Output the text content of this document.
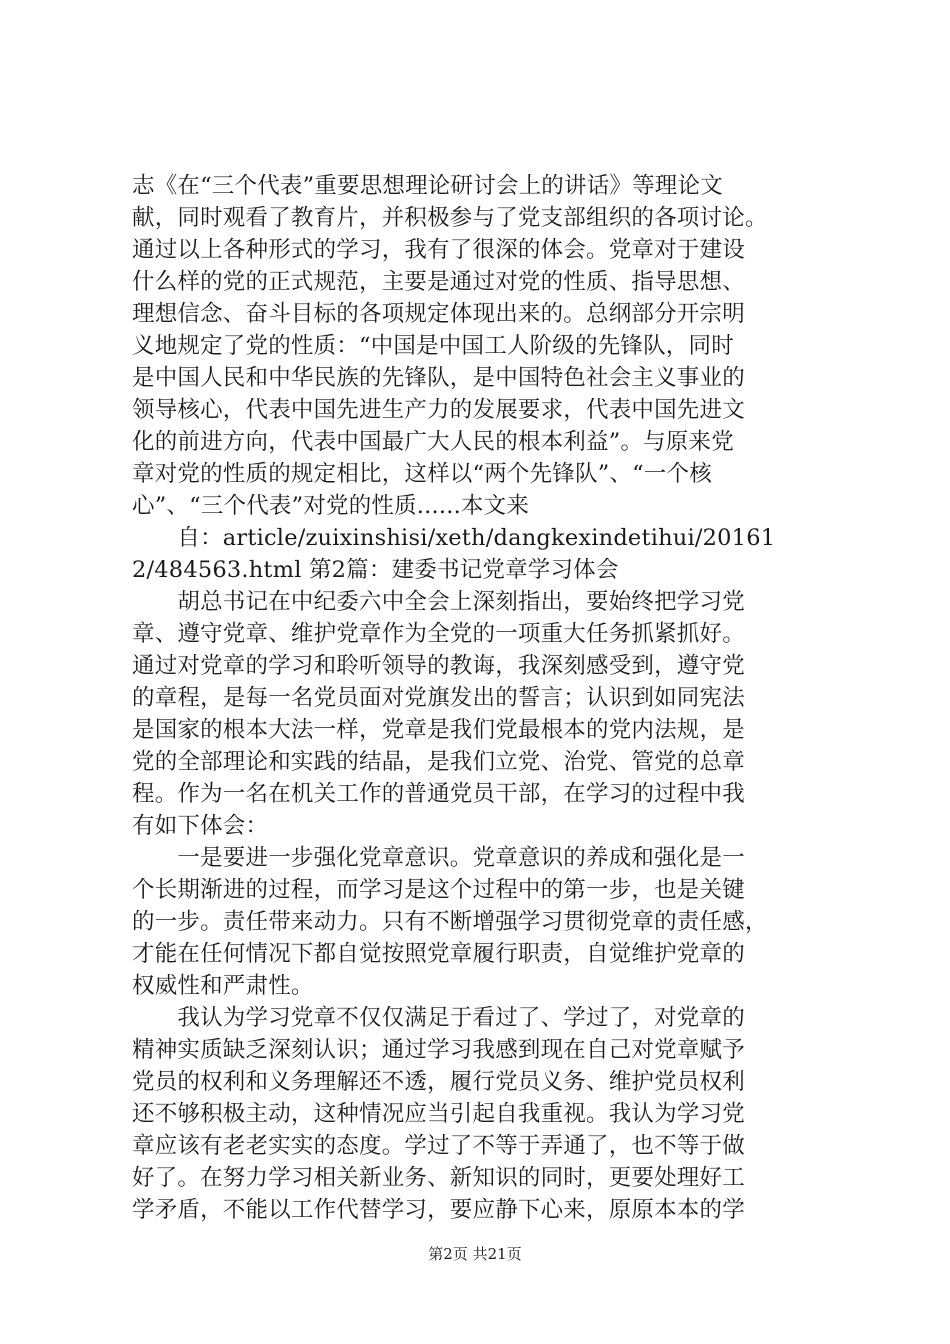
志《在“三个代表”重要思想理论研讨会上的讲话》等理论文
献，同时观看了教育片，并积极参与了党支部组织的各项讨论。
通过以上各种形式的学习，我有了很深的体会。党章对于建设
什么样的党的正式规范，主要是通过对党的性质、指导思想、
理想信念、奋斗目标的各项规定体现出来的。总纲部分开宗明
义地规定了党的性质：“中国是中国工人阶级的先锋队，同时
是中国人民和中华民族的先锋队，是中国特色社会主义事业的
领导核心，代表中国先进生产力的发展要求，代表中国先进文
化的前进方向，代表中国最广大人民的根本利益”。与原来党
章对党的性质的规定相比，这样以“两个先锋队”、“一个核
心”、“三个代表”对党的性质......本文来
　　自：article/zuixinshisi/xeth/dangkexindetihui/20161
2/484563.html 第2篇：建委书记党章学习体会
　　胡总书记在中纪委六中全会上深刻指出，要始终把学习党
章、遵守党章、维护党章作为全党的一项重大任务抓紧抓好。
通过对党章的学习和聆听领导的教诲，我深刻感受到，遵守党
的章程，是每一名党员面对党旗发出的誓言；认识到如同宪法
是国家的根本大法一样，党章是我们党最根本的党内法规，是
党的全部理论和实践的结晶，是我们立党、治党、管党的总章
程。作为一名在机关工作的普通党员干部，在学习的过程中我
有如下体会：
　　一是要进一步强化党章意识。党章意识的养成和强化是一
个长期渐进的过程，而学习是这个过程中的第一步，也是关键
的一步。责任带来动力。只有不断增强学习贯彻党章的责任感，
才能在任何情况下都自觉按照党章履行职责，自觉维护党章的
权威性和严肃性。
　　我认为学习党章不仅仅满足于看过了、学过了，对党章的
精神实质缺乏深刻认识；通过学习我感到现在自己对党章赋予
党员的权利和义务理解还不透，履行党员义务、维护党员权利
还不够积极主动，这种情况应当引起自我重视。我认为学习党
章应该有老老实实的态度。学过了不等于弄通了，也不等于做
好了。在努力学习相关新业务、新知识的同时，更要处理好工
学矛盾，不能以工作代替学习，要应静下心来，原原本本的学
第2页 共21页
